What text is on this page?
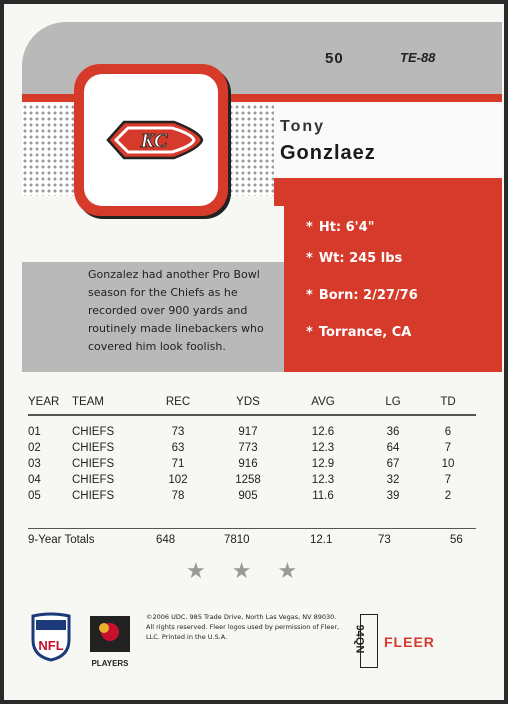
50	TE-88
Tony
Gonzlaez
KC
Gonzalez had another Pro Bowl season for the Chiefs as he recorded over 900 yards and routinely made linebackers who covered him look foolish.
* Ht: 6'4"
* Wt: 245 lbs
* Born: 2/27/76
* Torrance, CA
YEAR	TEAM	REC	YDS	AVG	LG	TD

01	CHIEFS	73	917	12.6	36	6
02	CHIEFS	63	773	12.3	64	7
03	CHIEFS	71	916	12.9	67	10
04	CHIEFS	102	1258	12.3	32	7
05	CHIEFS	78	905	11.6	39	2
9-Year Totals	648	7810	12.1	73	56
★★★
NFL
PLAYERS
©2006 UDC. 985 Trade Drive, North Las Vegas, NV 89030. All rights reserved. Fleer logos used by permission of Fleer, LLC. Printed in the U.S.A.	94QN FLEER
